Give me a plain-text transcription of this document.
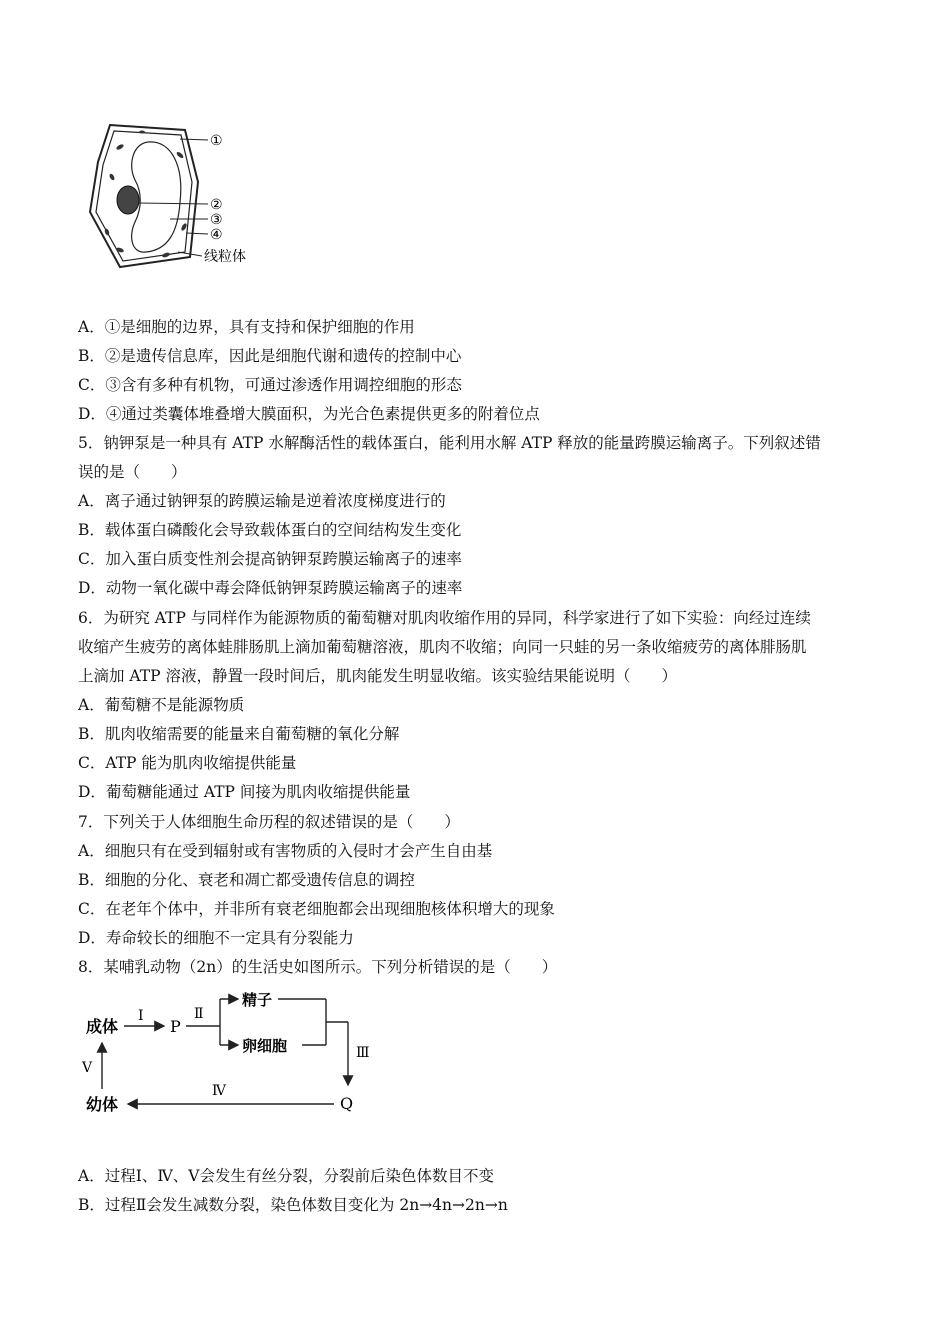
①
②
③
④
线粒体
A．①是细胞的边界，具有支持和保护细胞的作用
B．②是遗传信息库，因此是细胞代谢和遗传的控制中心
C．③含有多种有机物，可通过渗透作用调控细胞的形态
D．④通过类囊体堆叠增大膜面积，为光合色素提供更多的附着位点
5．钠钾泵是一种具有 ATP 水解酶活性的载体蛋白，能利用水解 ATP 释放的能量跨膜运输离子。下列叙述错
误的是（　　）
A．离子通过钠钾泵的跨膜运输是逆着浓度梯度进行的
B．载体蛋白磷酸化会导致载体蛋白的空间结构发生变化
C．加入蛋白质变性剂会提高钠钾泵跨膜运输离子的速率
D．动物一氧化碳中毒会降低钠钾泵跨膜运输离子的速率
6．为研究 ATP 与同样作为能源物质的葡萄糖对肌肉收缩作用的异同，科学家进行了如下实验：向经过连续
收缩产生疲劳的离体蛙腓肠肌上滴加葡萄糖溶液，肌肉不收缩；向同一只蛙的另一条收缩疲劳的离体腓肠肌
上滴加 ATP 溶液，静置一段时间后，肌肉能发生明显收缩。该实验结果能说明（　　）
A．葡萄糖不是能源物质
B．肌肉收缩需要的能量来自葡萄糖的氧化分解
C．ATP 能为肌肉收缩提供能量
D．葡萄糖能通过 ATP 间接为肌肉收缩提供能量
7．下列关于人体细胞生命历程的叙述错误的是（　　）
A．细胞只有在受到辐射或有害物质的入侵时才会产生自由基
B．细胞的分化、衰老和凋亡都受遗传信息的调控
C．在老年个体中，并非所有衰老细胞都会出现细胞核体积增大的现象
D．寿命较长的细胞不一定具有分裂能力
8．某哺乳动物（2n）的生活史如图所示。下列分析错误的是（　　）
成体
Ⅰ
P
Ⅱ
精子
卵细胞	Ⅲ
Q
Ⅳ
幼体
Ⅴ
A．过程Ⅰ、Ⅳ、Ⅴ会发生有丝分裂，分裂前后染色体数目不变
B．过程Ⅱ会发生减数分裂，染色体数目变化为 2n→4n→2n→n
